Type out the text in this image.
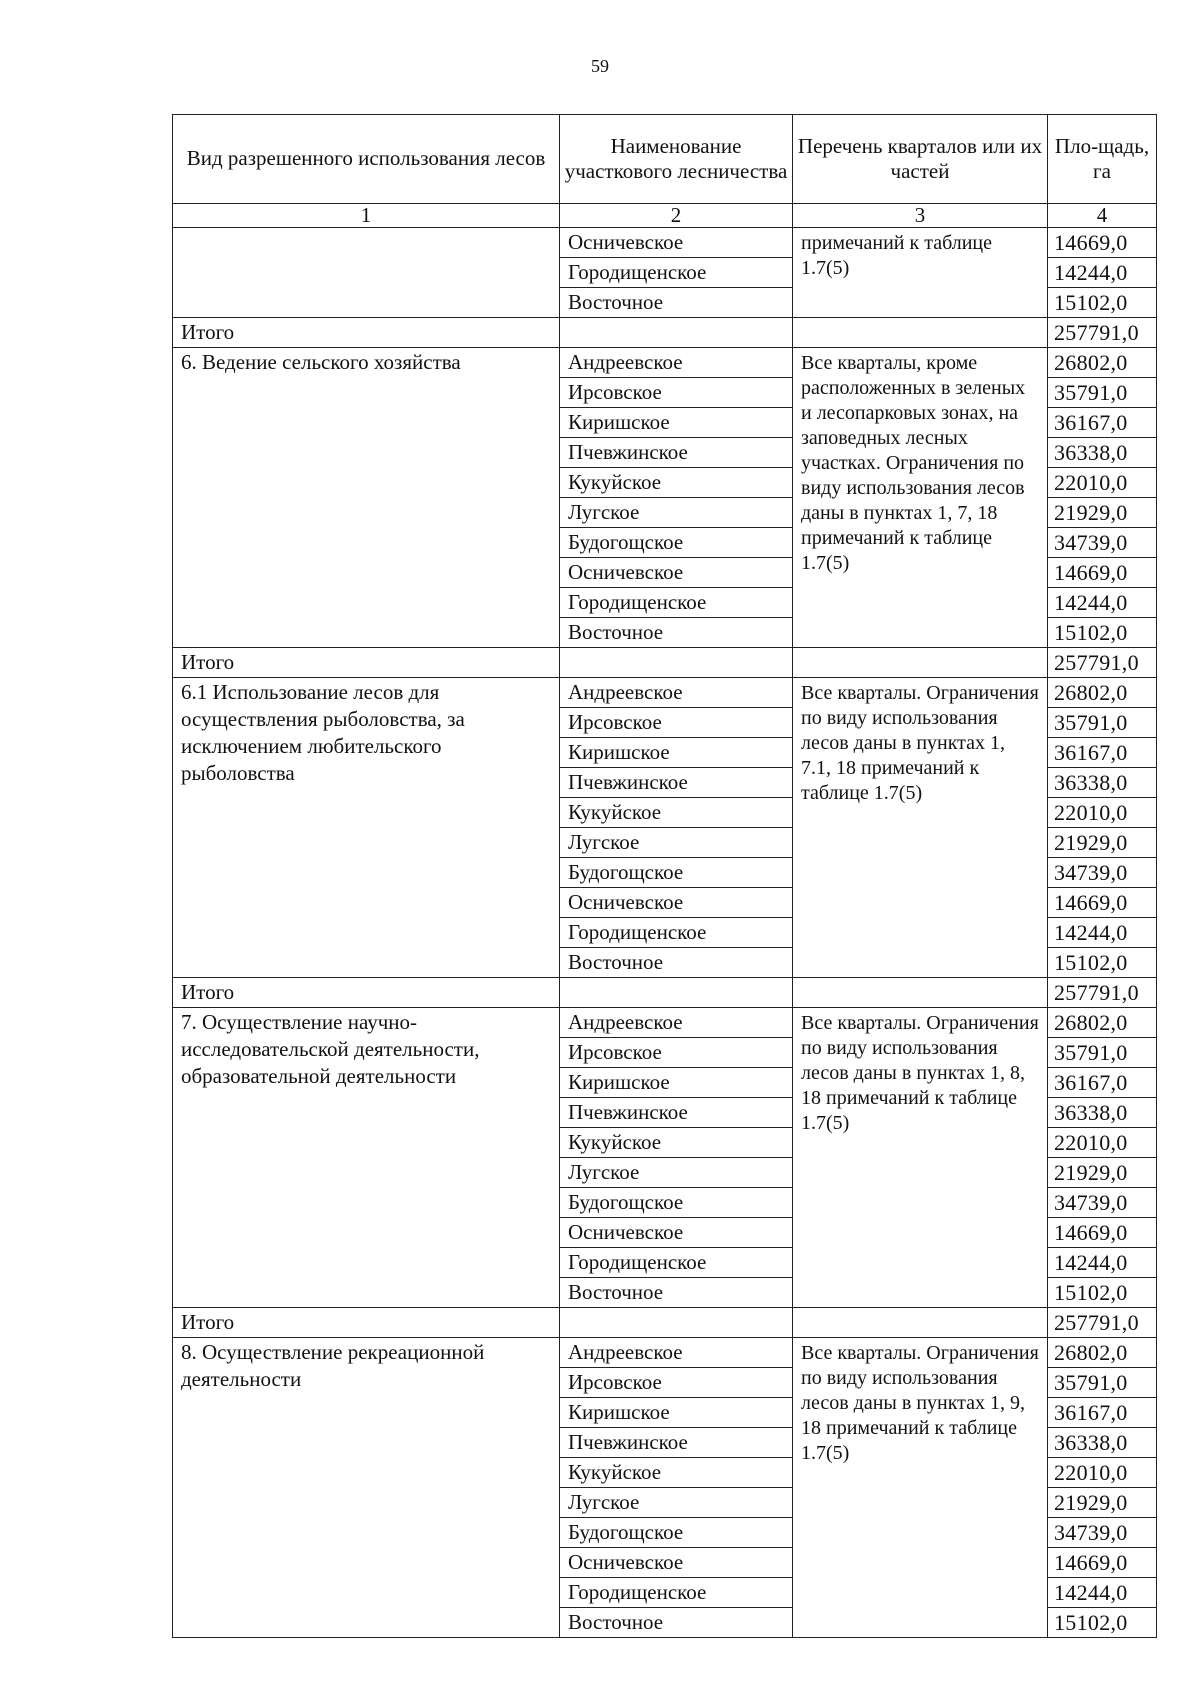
59
Вид разрешенного использования лесов	Наименование участкового лесничества	Перечень кварталов или их частей	Пло-щадь, га
1	2	3	4
	Осничевское	примечаний к таблице 1.7(5)	14669,0
	Городищенское		14244,0
	Восточное		15102,0
Итого			257791,0
6. Ведение сельского хозяйства	Андреевское	Все кварталы, кроме расположенных в зеленых и лесопарковых зонах, на заповедных лесных участках. Ограничения по виду использования лесов даны в пунктах 1, 7, 18 примечаний к таблице 1.7(5)	26802,0
	Ирсовское		35791,0
	Киришское		36167,0
	Пчевжинское		36338,0
	Кукуйское		22010,0
	Лугское		21929,0
	Будогощское		34739,0
	Осничевское		14669,0
	Городищенское		14244,0
	Восточное		15102,0
Итого			257791,0
6.1 Использование лесов для осуществления рыболовства, за исключением любительского рыболовства	Андреевское	Все кварталы. Ограничения по виду использования лесов даны в пунктах 1, 7.1, 18 примечаний к таблице 1.7(5)	26802,0
	Ирсовское		35791,0
	Киришское		36167,0
	Пчевжинское		36338,0
	Кукуйское		22010,0
	Лугское		21929,0
	Будогощское		34739,0
	Осничевское		14669,0
	Городищенское		14244,0
	Восточное		15102,0
Итого			257791,0
7. Осуществление научно-исследовательской деятельности, образовательной деятельности	Андреевское	Все кварталы. Ограничения по виду использования лесов даны в пунктах 1, 8, 18 примечаний к таблице 1.7(5)	26802,0
	Ирсовское		35791,0
	Киришское		36167,0
	Пчевжинское		36338,0
	Кукуйское		22010,0
	Лугское		21929,0
	Будогощское		34739,0
	Осничевское		14669,0
	Городищенское		14244,0
	Восточное		15102,0
Итого			257791,0
8. Осуществление рекреационной деятельности	Андреевское	Все кварталы. Ограничения по виду использования лесов даны в пунктах 1, 9, 18 примечаний к таблице 1.7(5)	26802,0
	Ирсовское		35791,0
	Киришское		36167,0
	Пчевжинское		36338,0
	Кукуйское		22010,0
	Лугское		21929,0
	Будогощское		34739,0
	Осничевское		14669,0
	Городищенское		14244,0
	Восточное		15102,0
